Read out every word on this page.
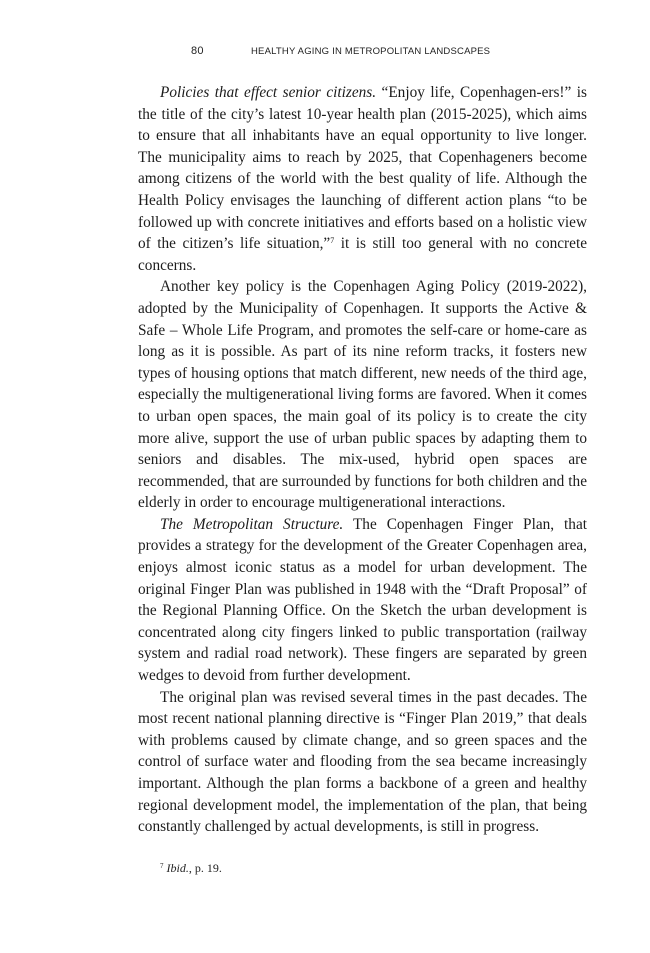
80	HEALTHY AGING IN METROPOLITAN LANDSCAPES

Policies that effect senior citizens. “Enjoy life, Copenhagen-ers!” is the title of the city’s latest 10-year health plan (2015-2025), which aims to ensure that all inhabitants have an equal opportunity to live longer. The municipality aims to reach by 2025, that Copenhageners become among citizens of the world with the best quality of life. Although the Health Policy envisages the launching of different action plans “to be followed up with concrete initiatives and efforts based on a holistic view of the citizen’s life situation,”$^7$ it is still too general with no concrete concerns.

Another key policy is the Copenhagen Aging Policy (2019-2022), adopted by the Municipality of Copenhagen. It supports the Active & Safe – Whole Life Program, and promotes the self-care or home-care as long as it is possible. As part of its nine reform tracks, it fosters new types of housing options that match different, new needs of the third age, especially the multigenerational living forms are favored. When it comes to urban open spaces, the main goal of its policy is to create the city more alive, support the use of urban public spaces by adapting them to seniors and disables. The mix-used, hybrid open spaces are recommended, that are surrounded by functions for both children and the elderly in order to encourage multigenerational interactions.

The Metropolitan Structure. The Copenhagen Finger Plan, that provides a strategy for the development of the Greater Copenhagen area, enjoys almost iconic status as a model for urban development. The original Finger Plan was published in 1948 with the “Draft Proposal” of the Regional Planning Office. On the Sketch the urban development is concentrated along city fingers linked to public transportation (railway system and radial road network). These fingers are separated by green wedges to devoid from further development.

The original plan was revised several times in the past decades. The most recent national planning directive is “Finger Plan 2019,” that deals with problems caused by climate change, and so green spaces and the control of surface water and flooding from the sea became increasingly important. Although the plan forms a backbone of a green and healthy regional development model, the implementation of the plan, that being constantly challenged by actual developments, is still in progress.

$^7$ Ibid., p. 19.
